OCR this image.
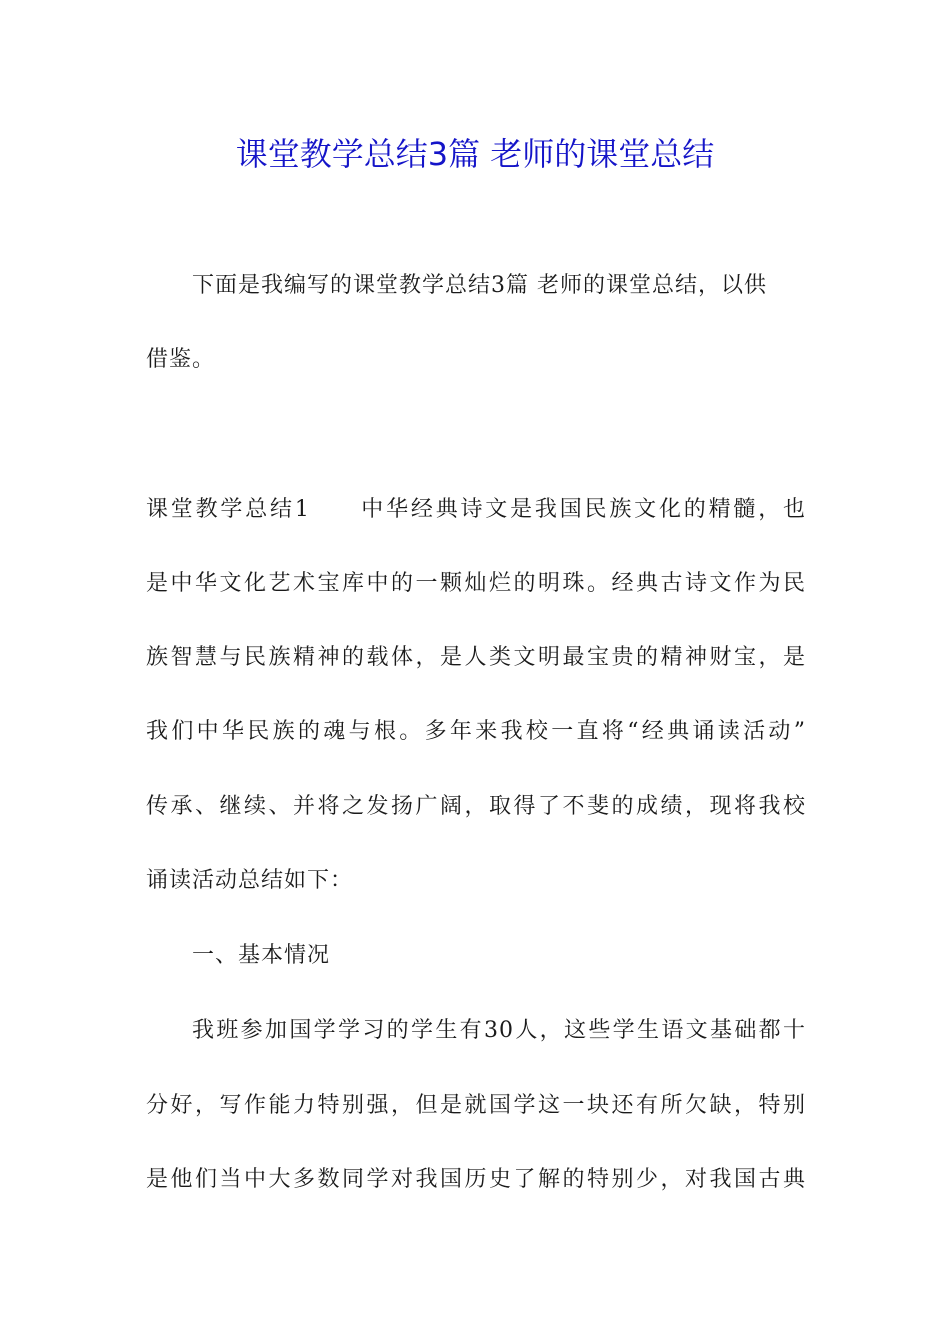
课堂教学总结3篇 老师的课堂总结
下面是我编写的课堂教学总结3篇 老师的课堂总结，以供
借鉴。
课堂教学总结1　　中华经典诗文是我国民族文化的精髓，也
是中华文化艺术宝库中的一颗灿烂的明珠。经典古诗文作为民
族智慧与民族精神的载体，是人类文明最宝贵的精神财宝，是
我们中华民族的魂与根。多年来我校一直将“经典诵读活动”
传承、继续、并将之发扬广阔，取得了不斐的成绩，现将我校
诵读活动总结如下：
一、基本情况
我班参加国学学习的学生有30人，这些学生语文基础都十
分好，写作能力特别强，但是就国学这一块还有所欠缺，特别
是他们当中大多数同学对我国历史了解的特别少，对我国古典
